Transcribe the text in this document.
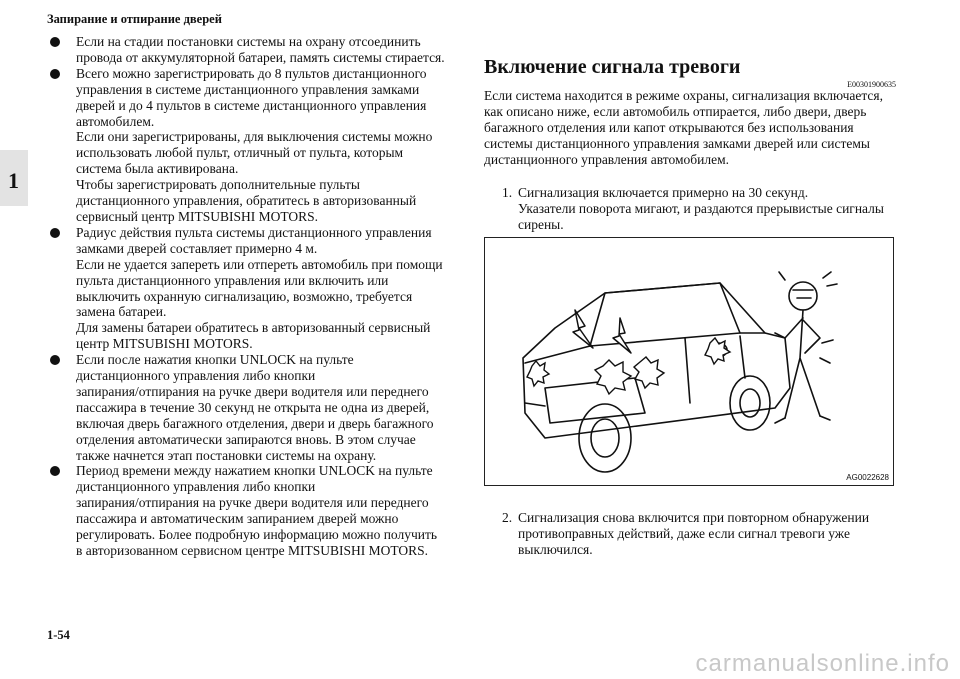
Запирание и отпирание дверей
1

Если на стадии постановки системы на охрану отсоединить

провода от аккумуляторной батареи, память системы стирается.

Всего можно зарегистрировать до 8 пультов дистанционного

управления в системе дистанционного управления замками

дверей и до 4 пультов в системе дистанционного управления

автомобилем.

Если они зарегистрированы, для выключения системы можно

использовать любой пульт, отличный от пульта, которым

система была активирована.

Чтобы зарегистрировать дополнительные пульты

дистанционного управления, обратитесь в авторизованный

сервисный центр MITSUBISHI MOTORS.

Радиус действия пульта системы дистанционного управления

замками дверей составляет примерно 4 м.

Если не удается запереть или отпереть автомобиль при помощи

пульта дистанционного управления или включить или

выключить охранную сигнализацию, возможно, требуется

замена батареи.

Для замены батареи обратитесь в авторизованный сервисный

центр MITSUBISHI MOTORS.

Если после нажатия кнопки UNLOCK на пульте

дистанционного управления либо кнопки

запирания/отпирания на ручке двери водителя или переднего

пассажира в течение 30 секунд не открыта не одна из дверей,

включая дверь багажного отделения, двери и дверь багажного

отделения автоматически запираются вновь. В этом случае

также начнется этап постановки системы на охрану.

Период времени между нажатием кнопки UNLOCK на пульте

дистанционного управления либо кнопки

запирания/отпирания на ручке двери водителя или переднего

пассажира и автоматическим запиранием дверей можно

регулировать. Более подробную информацию можно получить

в авторизованном сервисном центре MITSUBISHI MOTORS.

Включение сигнала тревоги
E00301900635
Если система находится в режиме охраны, сигнализация включается,
как описано ниже, если автомобиль отпирается, либо двери, дверь
багажного отделения или капот открываются без использования
системы дистанционного управления замками дверей или системы
дистанционного управления автомобилем.
1. Сигнализация включается примерно на 30 секунд.

Указатели поворота мигают, и раздаются прерывистые сигналы

сирены.

2. Сигнализация снова включится при повторном обнаружении

противоправных действий, даже если сигнал тревоги уже

выключился.

AG0022628
1-54
carmanualsonline.info
